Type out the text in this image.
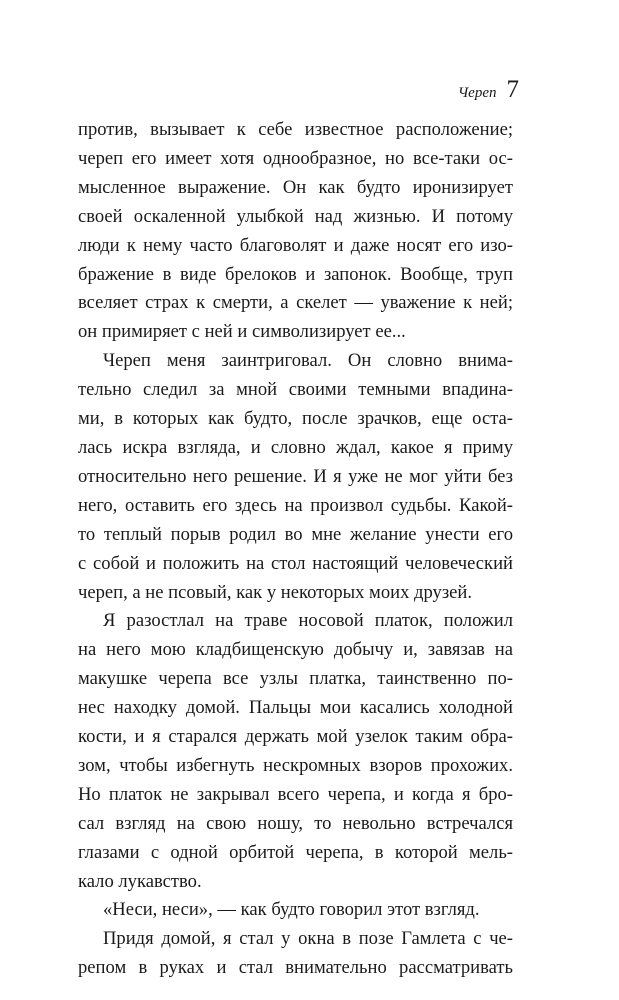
Череп 7

против, вызывает к себе известное расположение;
череп его имеет хотя однообразное, но все-таки ос-
мысленное выражение. Он как будто иронизирует
своей оскаленной улыбкой над жизнью. И потому
люди к нему часто благоволят и даже носят его изо-
бражение в виде брелоков и запонок. Вообще, труп
вселяет страх к смерти, а скелет — уважение к ней;
он примиряет с ней и символизирует ее...

Череп меня заинтриговал. Он словно внима-
тельно следил за мной своими темными впадина-
ми, в которых как будто, после зрачков, еще оста-
лась искра взгляда, и словно ждал, какое я приму
относительно него решение. И я уже не мог уйти без
него, оставить его здесь на произвол судьбы. Какой-
то теплый порыв родил во мне желание унести его
с собой и положить на стол настоящий человеческий
череп, а не псовый, как у некоторых моих друзей.

Я разостлал на траве носовой платок, положил
на него мою кладбищенскую добычу и, завязав на
макушке черепа все узлы платка, таинственно по-
нес находку домой. Пальцы мои касались холодной
кости, и я старался держать мой узелок таким обра-
зом, чтобы избегнуть нескромных взоров прохожих.
Но платок не закрывал всего черепа, и когда я бро-
сал взгляд на свою ношу, то невольно встречался
глазами с одной орбитой черепа, в которой мель-
кало лукавство.

«Неси, неси», — как будто говорил этот взгляд.

Придя домой, я стал у окна в позе Гамлета с че-
репом в руках и стал внимательно рассматривать
